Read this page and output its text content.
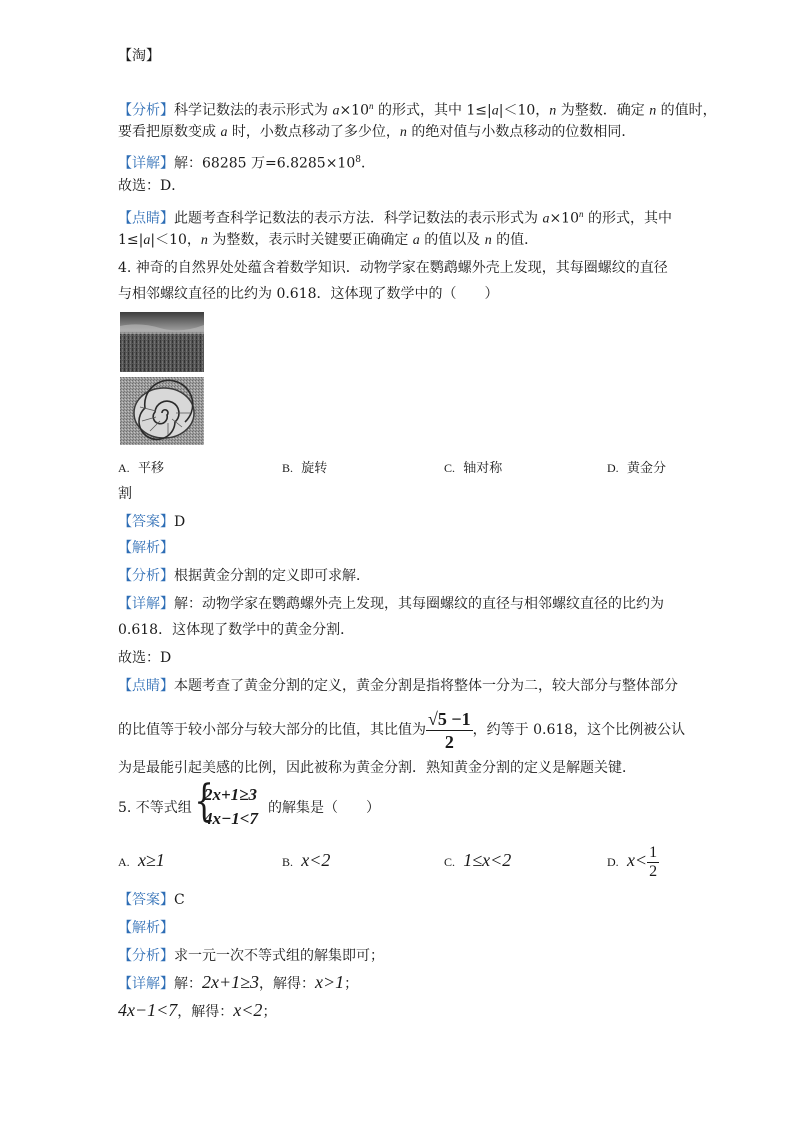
【淘】
【分析】科学记数法的表示形式为 $a\times 10^n$ 的形式，其中 1≤|a|＜10，n 为整数．确定 n 的值时，
要看把原数变成 a 时，小数点移动了多少位，n 的绝对值与小数点移动的位数相同．
【详解】解：68285 万$=6.8285\times 10^8$．
故选：D．
【点睛】此题考查科学记数法的表示方法．科学记数法的表示形式为 $a\times 10^n$ 的形式，其中
1≤|a|＜10，n 为整数，表示时关键要正确确定 a 的值以及 n 的值．
4. 神奇的自然界处处蕴含着数学知识．动物学家在鹦鹉螺外壳上发现，其每圈螺纹的直径
与相邻螺纹直径的比约为 0.618．这体现了数学中的（　　）
A. 平移	B. 旋转	C. 轴对称	D. 黄金分
割
【答案】D
【解析】
【分析】根据黄金分割的定义即可求解．
【详解】解：动物学家在鹦鹉螺外壳上发现，其每圈螺纹的直径与相邻螺纹直径的比约为
0.618．这体现了数学中的黄金分割．
故选：D
【点睛】本题考查了黄金分割的定义，黄金分割是指将整体一分为二，较大部分与整体部分
的比值等于较小部分与较大部分的比值，其比值为 $\frac{√5 -1}{2}$ ，约等于 0.618，这个比例被公认
为是最能引起美感的比例，因此被称为黄金分割．熟知黄金分割的定义是解题关键．
5. 不等式组 {
2x+1≥3
4x−1<7
的解集是（　　）
A. x≥1	B. x<2	C. 1≤x<2	D. $x< \frac{1}{2}$
【答案】C
【解析】
【分析】求一元一次不等式组的解集即可；
【详解】解：2x+1≥3，解得：x>1；
4x−1<7，解得：x<2；
